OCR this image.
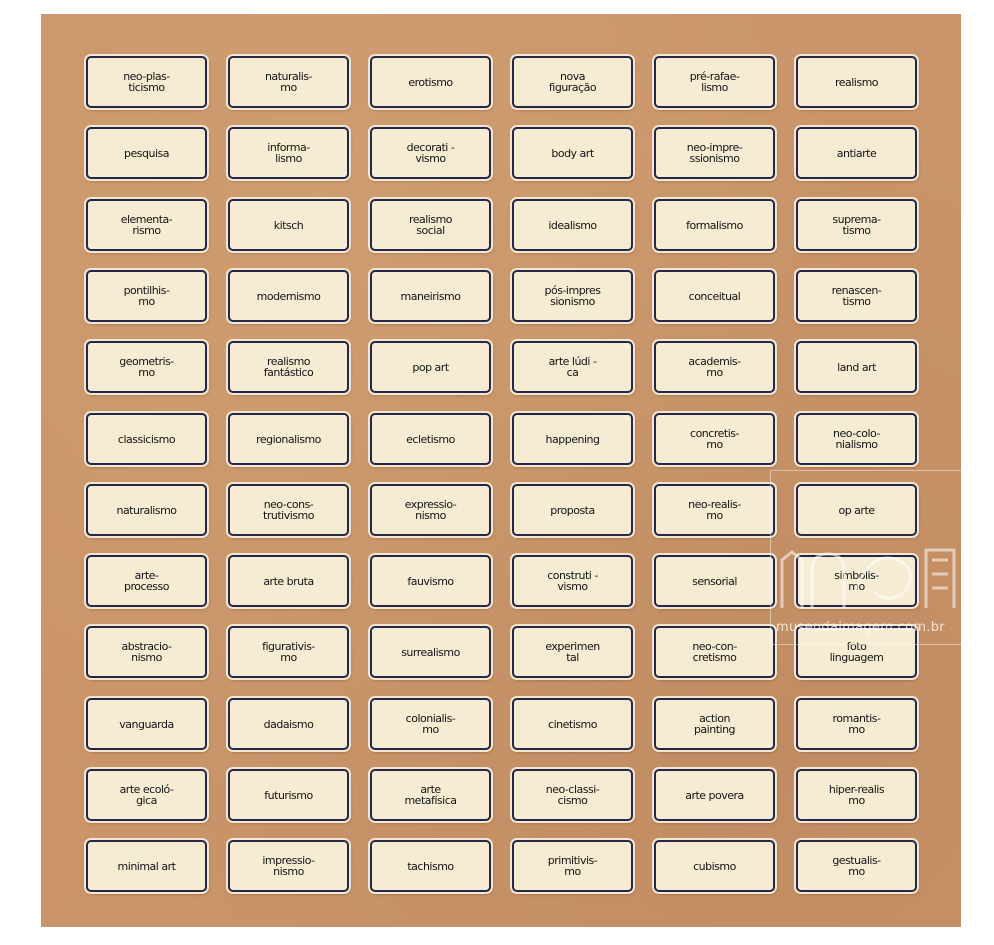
neo-plas-
ticismo
naturalis-
mo	erotismo	nova
figuração
pré-rafae-
lismo	realismo
pesquisa	informa-
lismo
decorati -
vismo	body art	neo-impre-
ssionismo	antiarte
elementa-
rismo	kitsch	realismo
social	idealismo	formalismo	suprema-
tismo
pontilhis-
mo	modernismo	maneirismo	pós-impres
sionismo	conceitual	renascen-
tismo
geometris-
mo
realismo
fantástico	pop art	arte lúdi -
ca
academis-
mo	land art
classicismo	regionalismo	ecletismo	happening	concretis-
mo
neo-colo-
nialismo
naturalismo	neo-cons-
trutivismo
expressio-
nismo	proposta	neo-realis-
mo	op arte
arte-
processo	arte bruta	fauvismo	construti -
vismo	sensorial	simbolis-
mo
abstracio-
nismo
figurativis-
mo	surrealismo	experimen
tal
neo-con-
cretismo
foto
linguagem
vanguarda	dadaismo	colonialis-
mo	cinetismo	action
painting
romantis-
mo
arte ecoló-
gica	futurismo	arte
metafísica
neo-classi-
cismo	arte povera	hiper-realis
mo
minimal art	impressio-
nismo	tachismo	primitivis-
mo	cubismo	gestualis-
mo
museudaimagem.com.br
